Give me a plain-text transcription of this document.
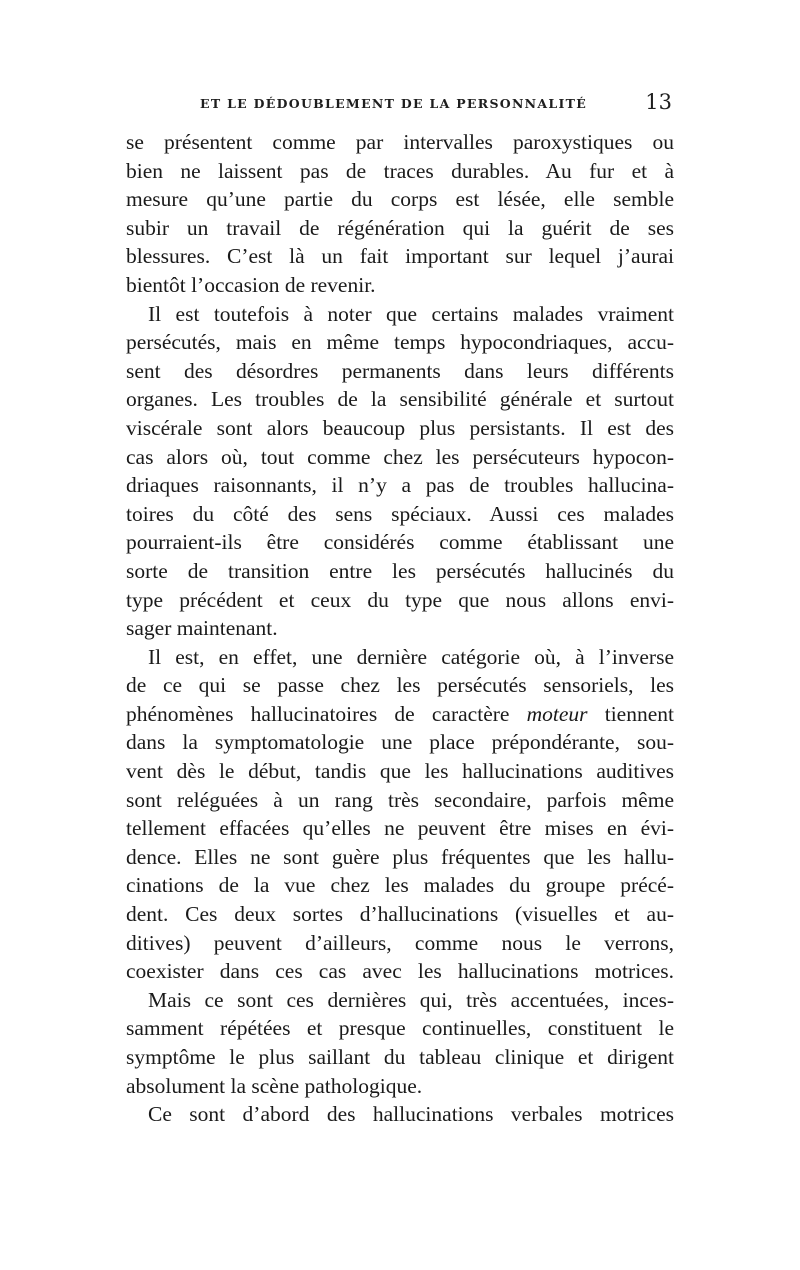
ET LE DÉDOUBLEMENT DE LA PERSONNALITÉ	13
se présentent comme par intervalles paroxystiques ou
bien ne laissent pas de traces durables. Au fur et à
mesure qu’une partie du corps est lésée, elle semble
subir un travail de régénération qui la guérit de ses
blessures. C’est là un fait important sur lequel j’aurai
bientôt l’occasion de revenir.
Il est toutefois à noter que certains malades vraiment
persécutés, mais en même temps hypocondriaques, accu-
sent des désordres permanents dans leurs différents
organes. Les troubles de la sensibilité générale et surtout
viscérale sont alors beaucoup plus persistants. Il est des
cas alors où, tout comme chez les persécuteurs hypocon-
driaques raisonnants, il n’y a pas de troubles hallucina-
toires du côté des sens spéciaux. Aussi ces malades
pourraient-ils être considérés comme établissant une
sorte de transition entre les persécutés hallucinés du
type précédent et ceux du type que nous allons envi-
sager maintenant.
Il est, en effet, une dernière catégorie où, à l’inverse
de ce qui se passe chez les persécutés sensoriels, les
phénomènes hallucinatoires de caractère moteur tiennent
dans la symptomatologie une place prépondérante, sou-
vent dès le début, tandis que les hallucinations auditives
sont reléguées à un rang très secondaire, parfois même
tellement effacées qu’elles ne peuvent être mises en évi-
dence. Elles ne sont guère plus fréquentes que les hallu-
cinations de la vue chez les malades du groupe précé-
dent. Ces deux sortes d’hallucinations (visuelles et au-
ditives) peuvent d’ailleurs, comme nous le verrons,
coexister dans ces cas avec les hallucinations motrices.
Mais ce sont ces dernières qui, très accentuées, inces-
samment répétées et presque continuelles, constituent le
symptôme le plus saillant du tableau clinique et dirigent
absolument la scène pathologique.
Ce sont d’abord des hallucinations verbales motrices
